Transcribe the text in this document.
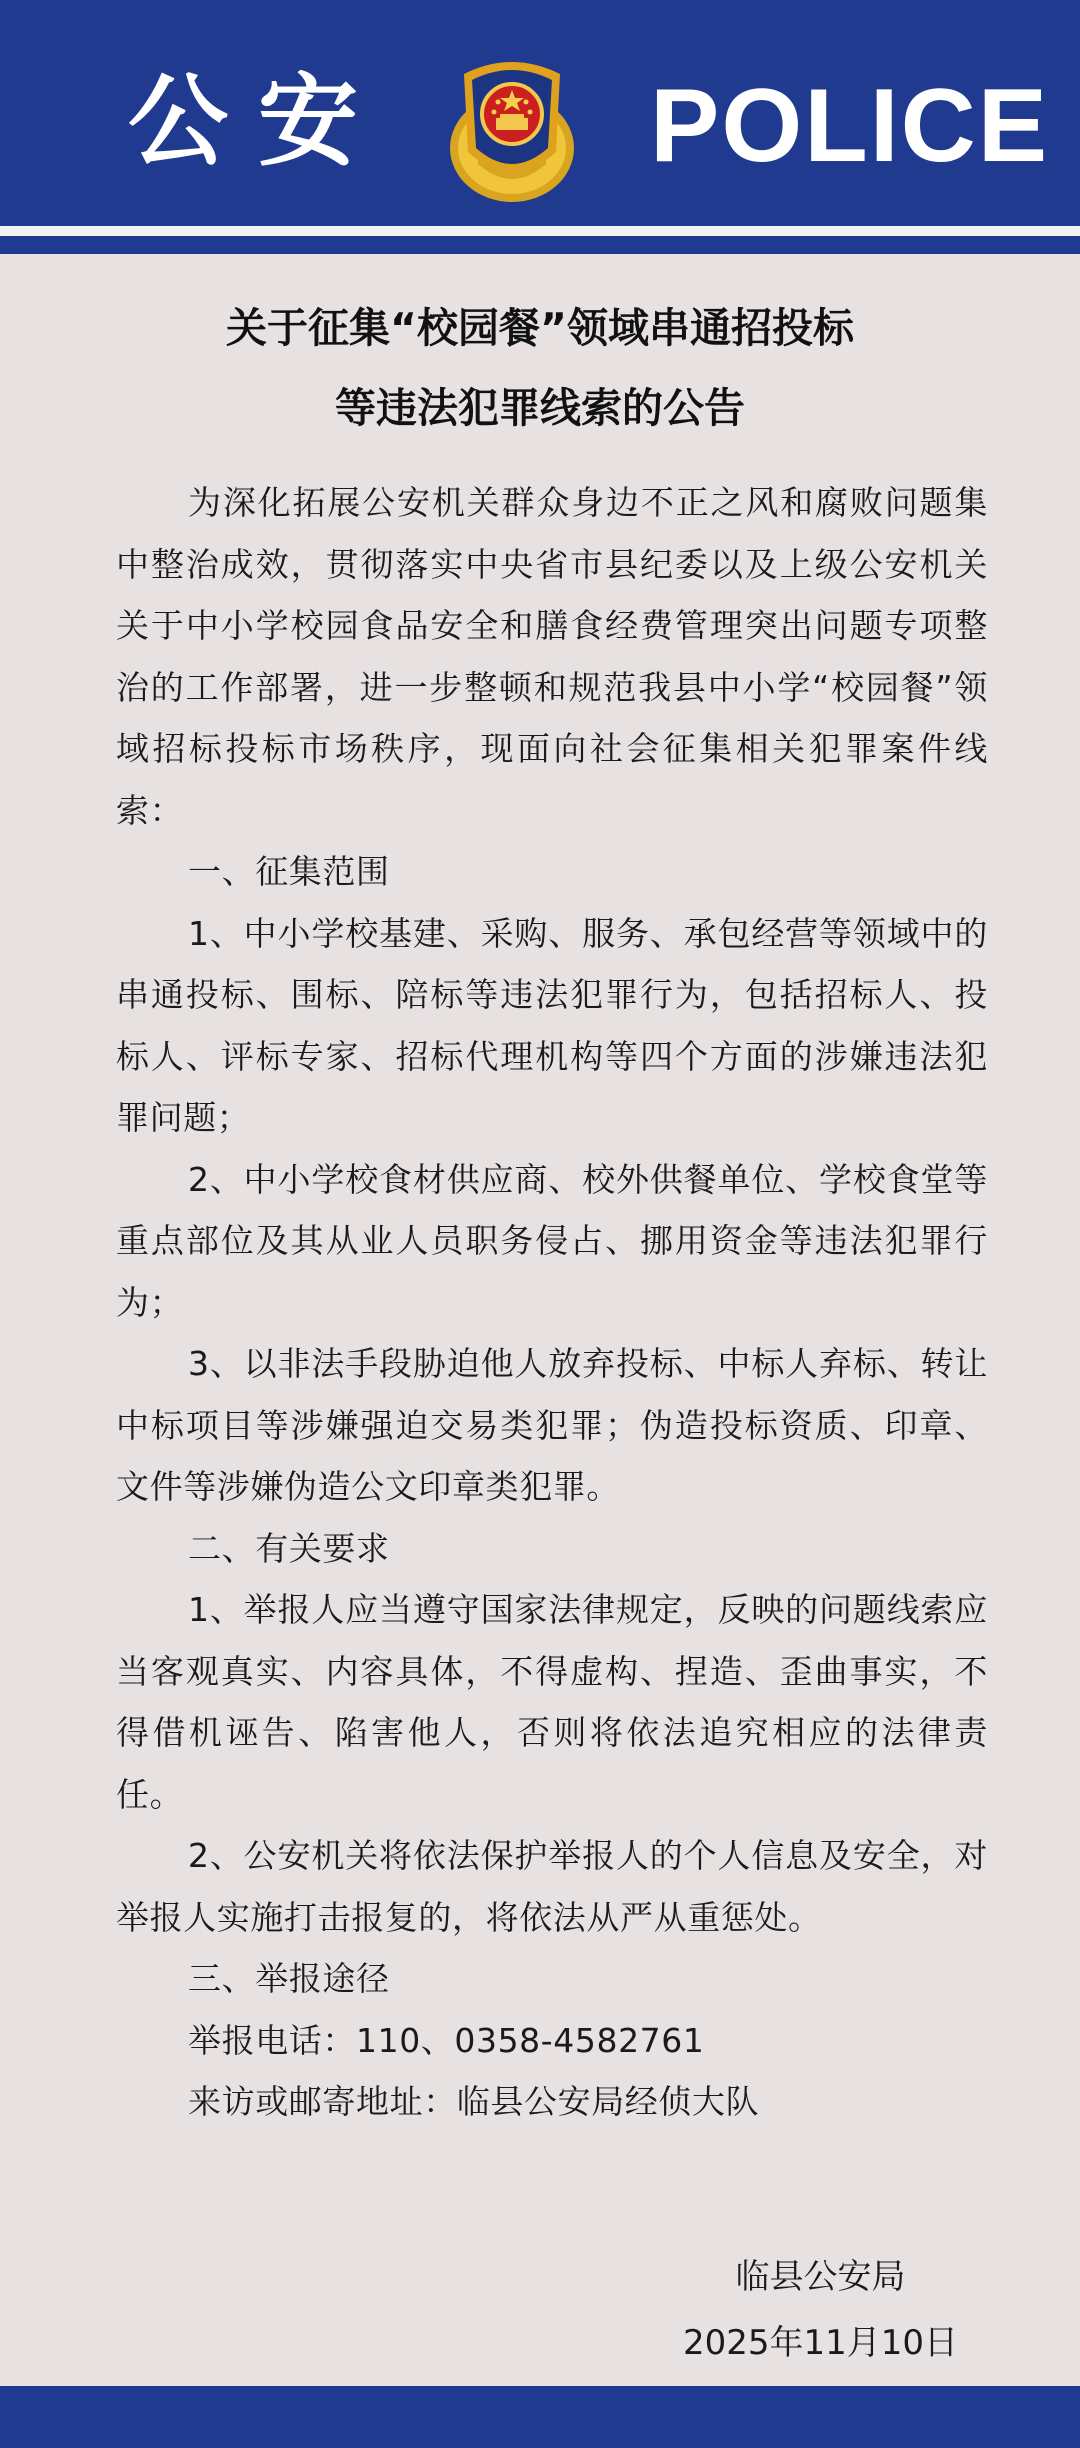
公安	POLICE
关于征集“校园餐”领域串通招投标
等违法犯罪线索的公告

为深化拓展公安机关群众身边不正之风和腐败问题集中整治成效，贯彻落实中央省市县纪委以及上级公安机关关于中小学校园食品安全和膳食经费管理突出问题专项整治的工作部署，进一步整顿和规范我县中小学“校园餐”领域招标投标市场秩序，现面向社会征集相关犯罪案件线索：

一、征集范围

1、中小学校基建、采购、服务、承包经营等领域中的串通投标、围标、陪标等违法犯罪行为，包括招标人、投标人、评标专家、招标代理机构等四个方面的涉嫌违法犯罪问题；

2、中小学校食材供应商、校外供餐单位、学校食堂等重点部位及其从业人员职务侵占、挪用资金等违法犯罪行为；

3、以非法手段胁迫他人放弃投标、中标人弃标、转让中标项目等涉嫌强迫交易类犯罪；伪造投标资质、印章、文件等涉嫌伪造公文印章类犯罪。

二、有关要求

1、举报人应当遵守国家法律规定，反映的问题线索应当客观真实、内容具体，不得虚构、捏造、歪曲事实，不得借机诬告、陷害他人，否则将依法追究相应的法律责任。

2、公安机关将依法保护举报人的个人信息及安全，对举报人实施打击报复的，将依法从严从重惩处。

三、举报途径

举报电话：110、0358-4582761

来访或邮寄地址：临县公安局经侦大队

临县公安局
2025年11月10日
